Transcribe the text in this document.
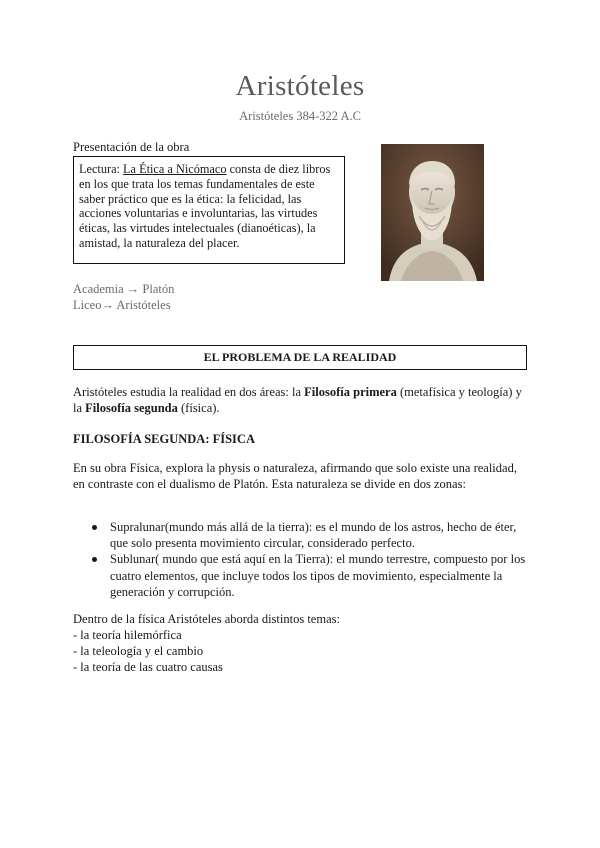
Aristóteles
Aristóteles 384-322 A.C
Presentación de la obra
Lectura: La Ética a Nicómaco consta de diez libros en los que trata los temas fundamentales de este saber práctico que es la ética: la felicidad, las acciones voluntarias e involuntarias, las virtudes éticas, las virtudes intelectuales (dianoéticas), la amistad, la naturaleza del placer.
Academia → Platón
Liceo→ Aristóteles
EL PROBLEMA DE LA REALIDAD
Aristóteles estudia la realidad en dos áreas: la Filosofía primera (metafísica y teología) y la Filosofía segunda (física).
FILOSOFÍA SEGUNDA: FÍSICA
En su obra Física, explora la physis o naturaleza, afirmando que solo existe una realidad, en contraste con el dualismo de Platón. Esta naturaleza se divide en dos zonas:
Supralunar(mundo más allá de la tierra): es el mundo de los astros, hecho de éter, que solo presenta movimiento circular, considerado perfecto.
Sublunar( mundo que está aquí en la Tierra): el mundo terrestre, compuesto por los cuatro elementos, que incluye todos los tipos de movimiento, especialmente la generación y corrupción.
Dentro de la física Aristóteles aborda distintos temas:
- la teoría hilemórfica
- la teleología y el cambio
- la teoría de las cuatro causas
